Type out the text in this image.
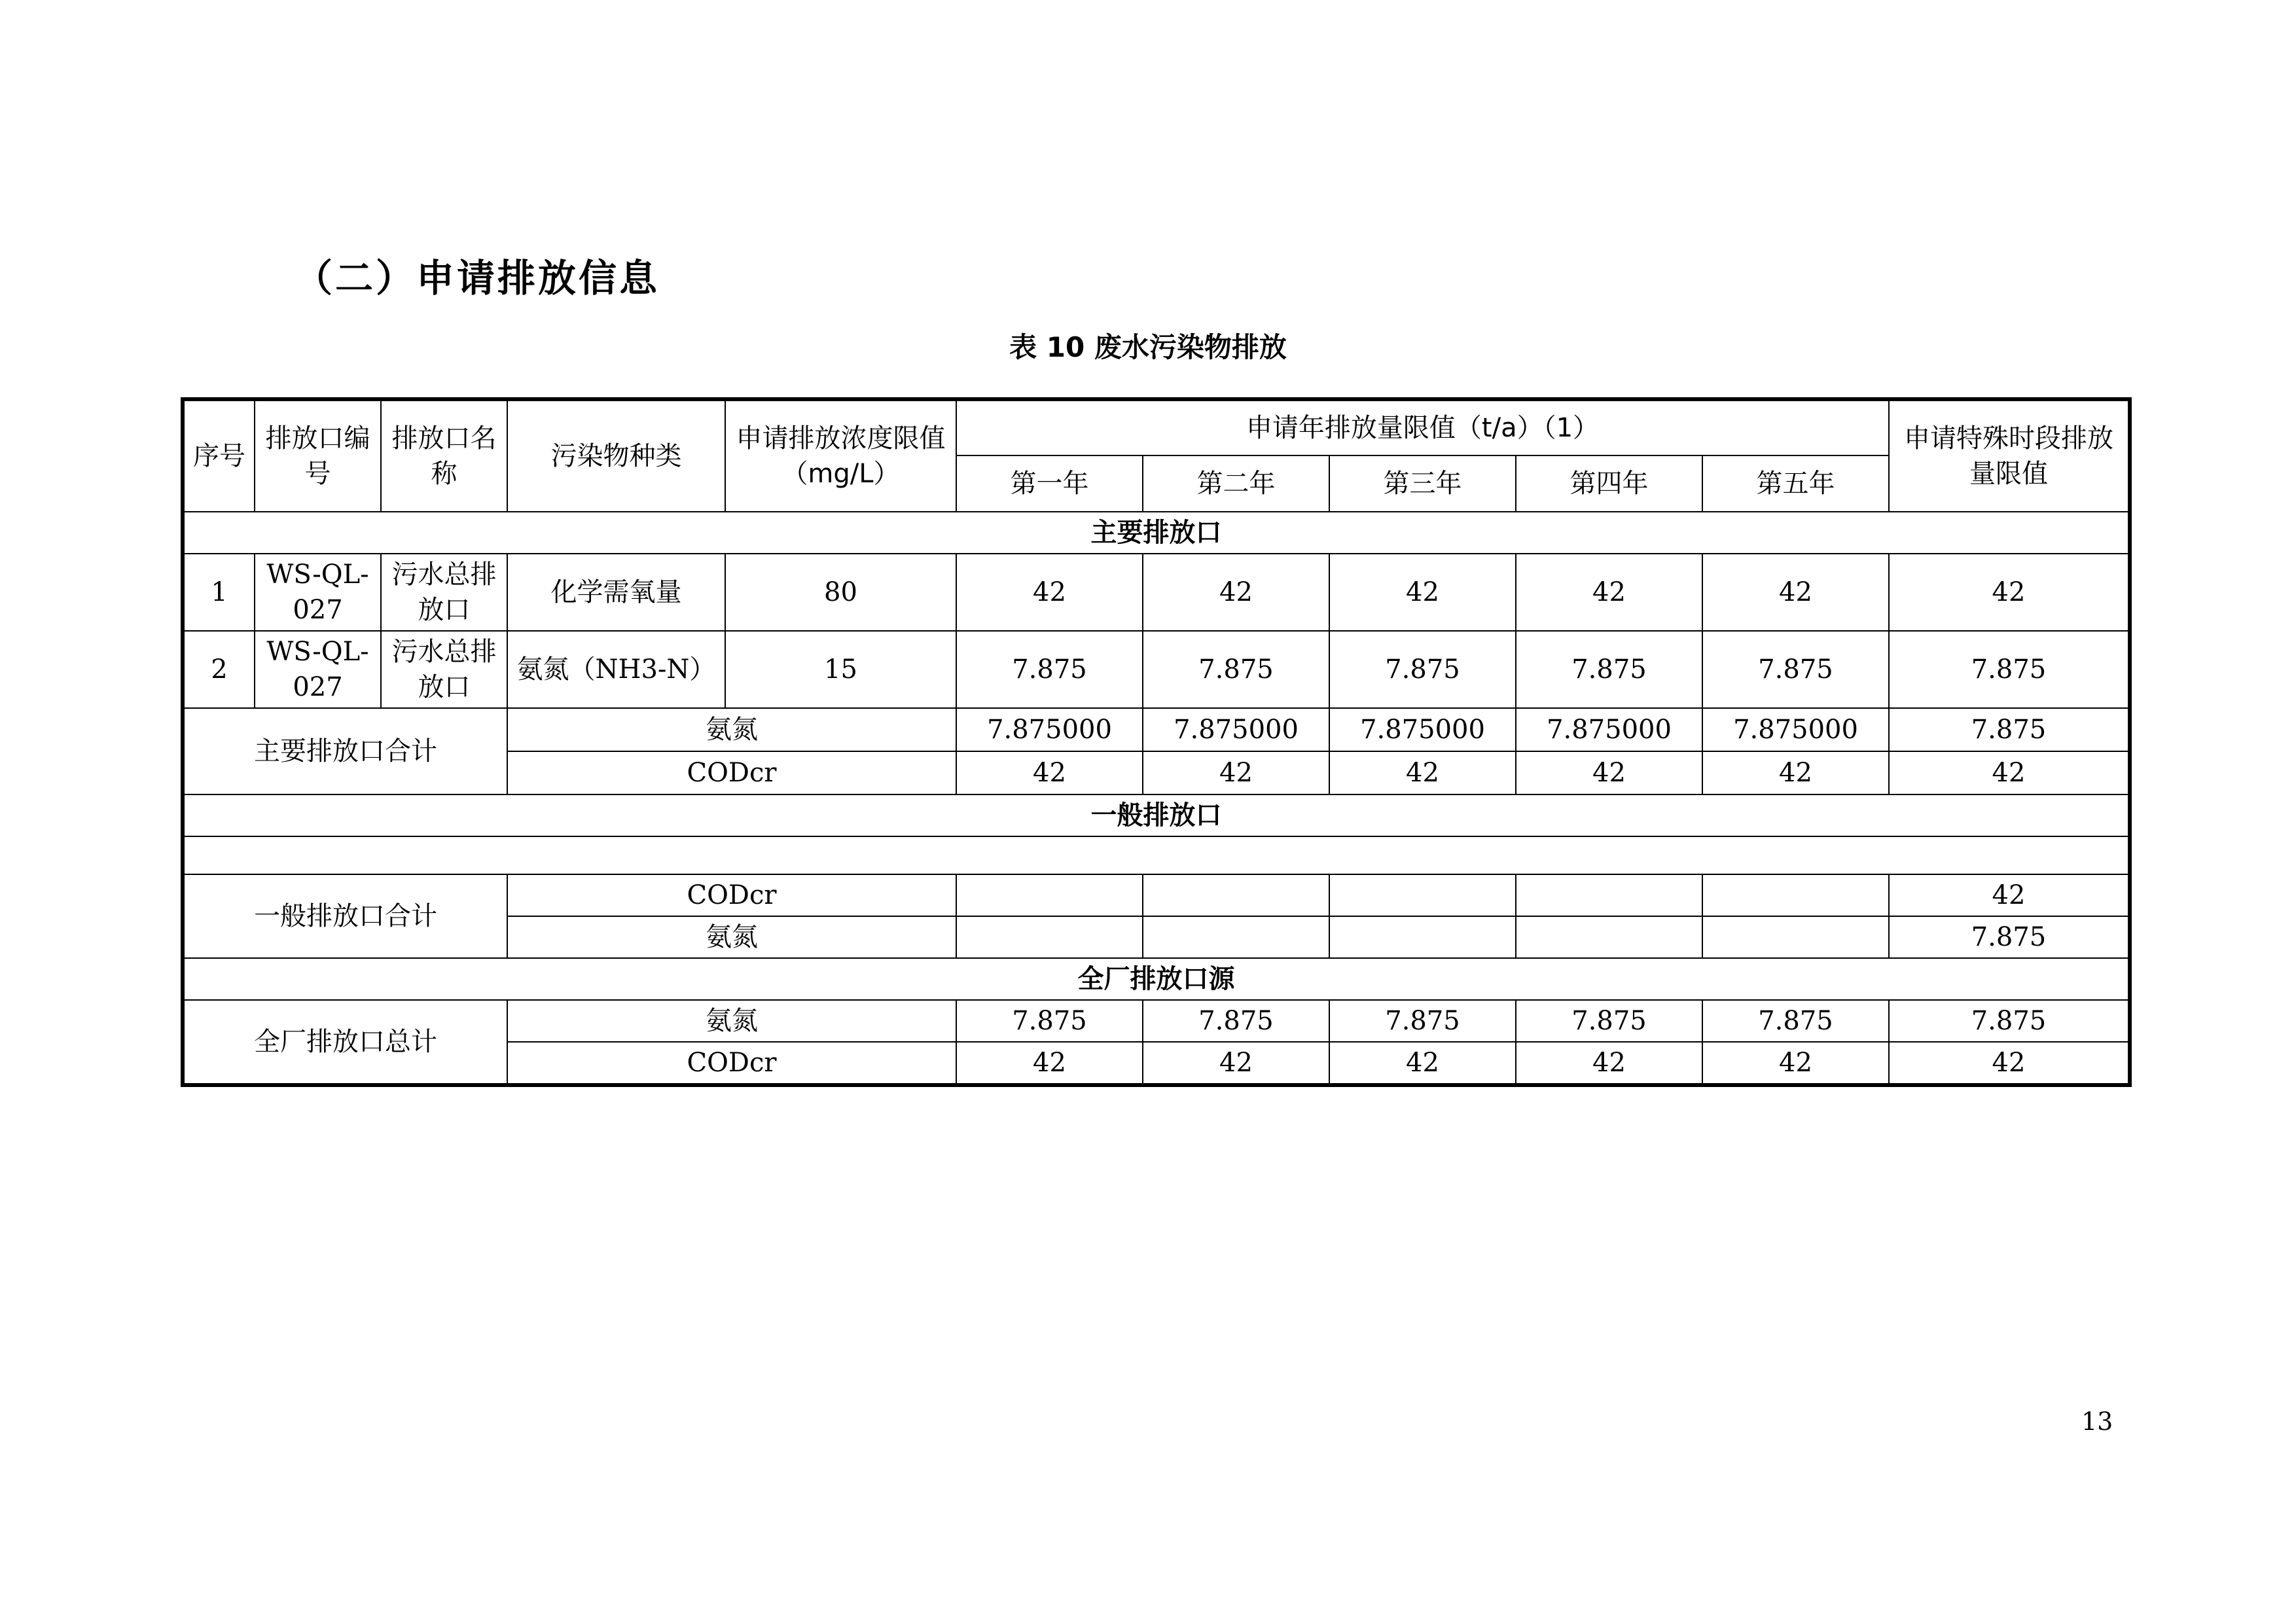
（二）申请排放信息
表 10 废水污染物排放
序号	排放口编号	排放口名称	污染物种类	申请排放浓度限值（mg/L）	申请年排放量限值（t/a）（1）					申请特殊时段排放量限值
					第一年	第二年	第三年	第四年	第五年	
主要排放口										
1	WS-QL-027	污水总排放口	化学需氧量	80	42	42	42	42	42	42
2	WS-QL-027	污水总排放口	氨氮（NH3-N）	15	7.875	7.875	7.875	7.875	7.875	7.875
主要排放口合计			氨氮		7.875000	7.875000	7.875000	7.875000	7.875000	7.875
			CODcr		42	42	42	42	42	42
一般排放口										

一般排放口合计			CODcr							42
			氨氮							7.875
全厂排放口源										
全厂排放口总计			氨氮		7.875	7.875	7.875	7.875	7.875	7.875
			CODcr		42	42	42	42	42	42
13
